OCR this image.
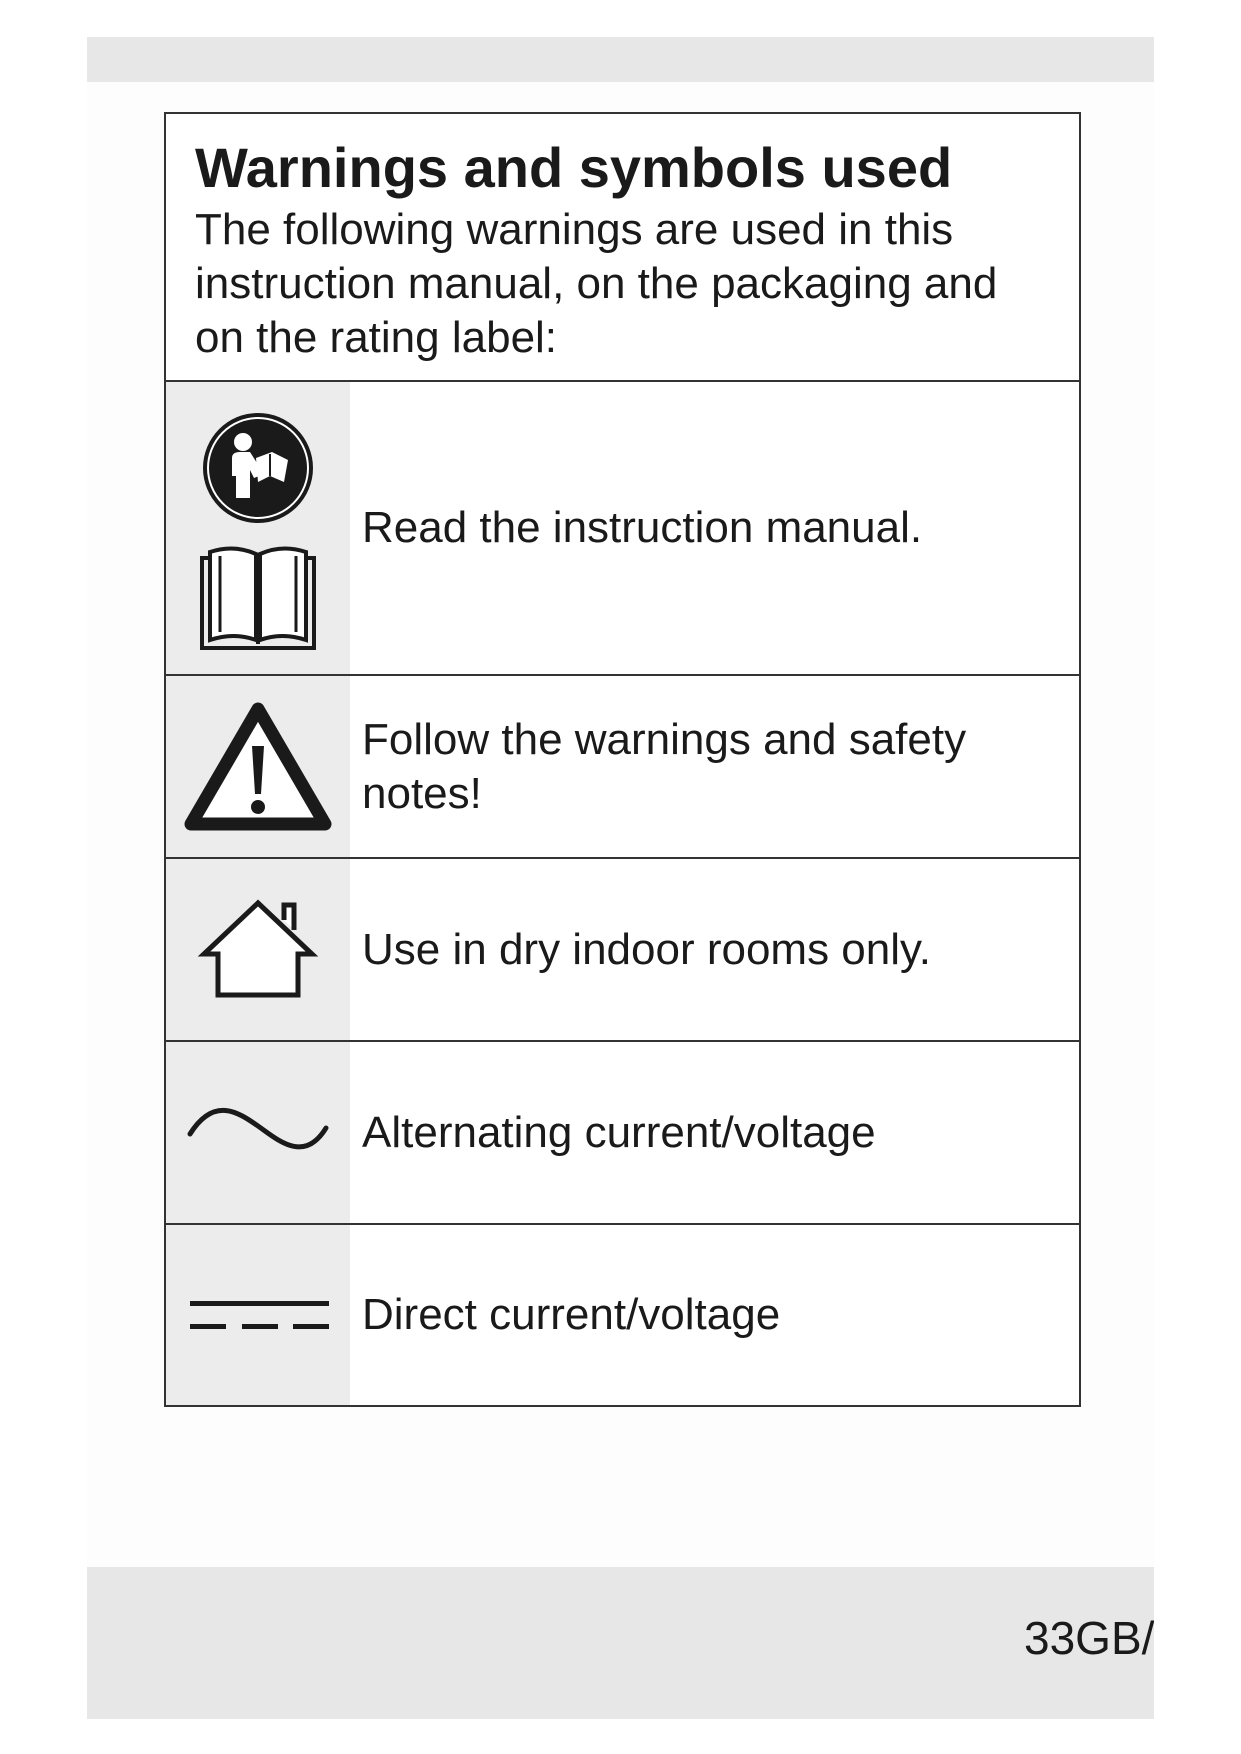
Warnings and symbols used
The following warnings are used in this instruction manual, on the packaging and on the rating label:
Read the instruction manual.
Follow the warnings and safety notes!
Use in dry indoor rooms only.
Alternating current/voltage
Direct current/voltage
33GB/
